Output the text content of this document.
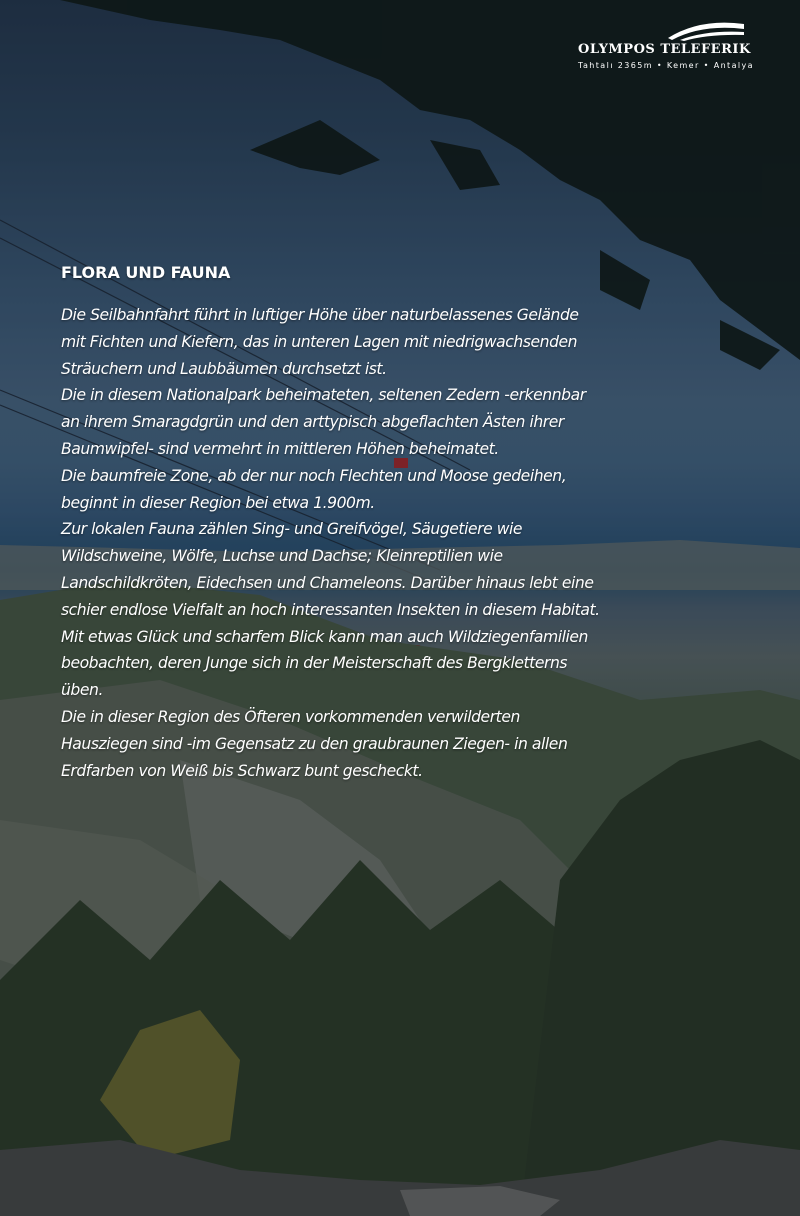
OLYMPOS TELEFERIK
Tahtalı 2365m • Kemer • Antalya
FLORA UND FAUNA

Die Seilbahnfahrt führt in luftiger Höhe über naturbelassenes Gelände
mit Fichten und Kiefern, das in unteren Lagen mit niedrigwachsenden
Sträuchern und Laubbäumen durchsetzt ist.
Die in diesem Nationalpark beheimateten, seltenen Zedern -erkennbar
an ihrem Smaragdgrün und den arttypisch abgeflachten Ästen ihrer
Baumwipfel- sind vermehrt in mittleren Höhen beheimatet.
Die baumfreie Zone, ab der nur noch Flechten und Moose gedeihen,
beginnt in dieser Region bei etwa 1.900m.
Zur lokalen Fauna zählen Sing- und Greifvögel, Säugetiere wie
Wildschweine, Wölfe, Luchse und Dachse; Kleinreptilien wie
Landschildkröten, Eidechsen und Chameleons. Darüber hinaus lebt eine
schier endlose Vielfalt an hoch interessanten Insekten in diesem Habitat.
Mit etwas Glück und scharfem Blick kann man auch Wildziegenfamilien
beobachten, deren Junge sich in der Meisterschaft des Bergkletterns
üben.
Die in dieser Region des Öfteren vorkommenden verwilderten
Hausziegen sind -im Gegensatz zu den graubraunen Ziegen- in allen
Erdfarben von Weiß bis Schwarz bunt gescheckt.
